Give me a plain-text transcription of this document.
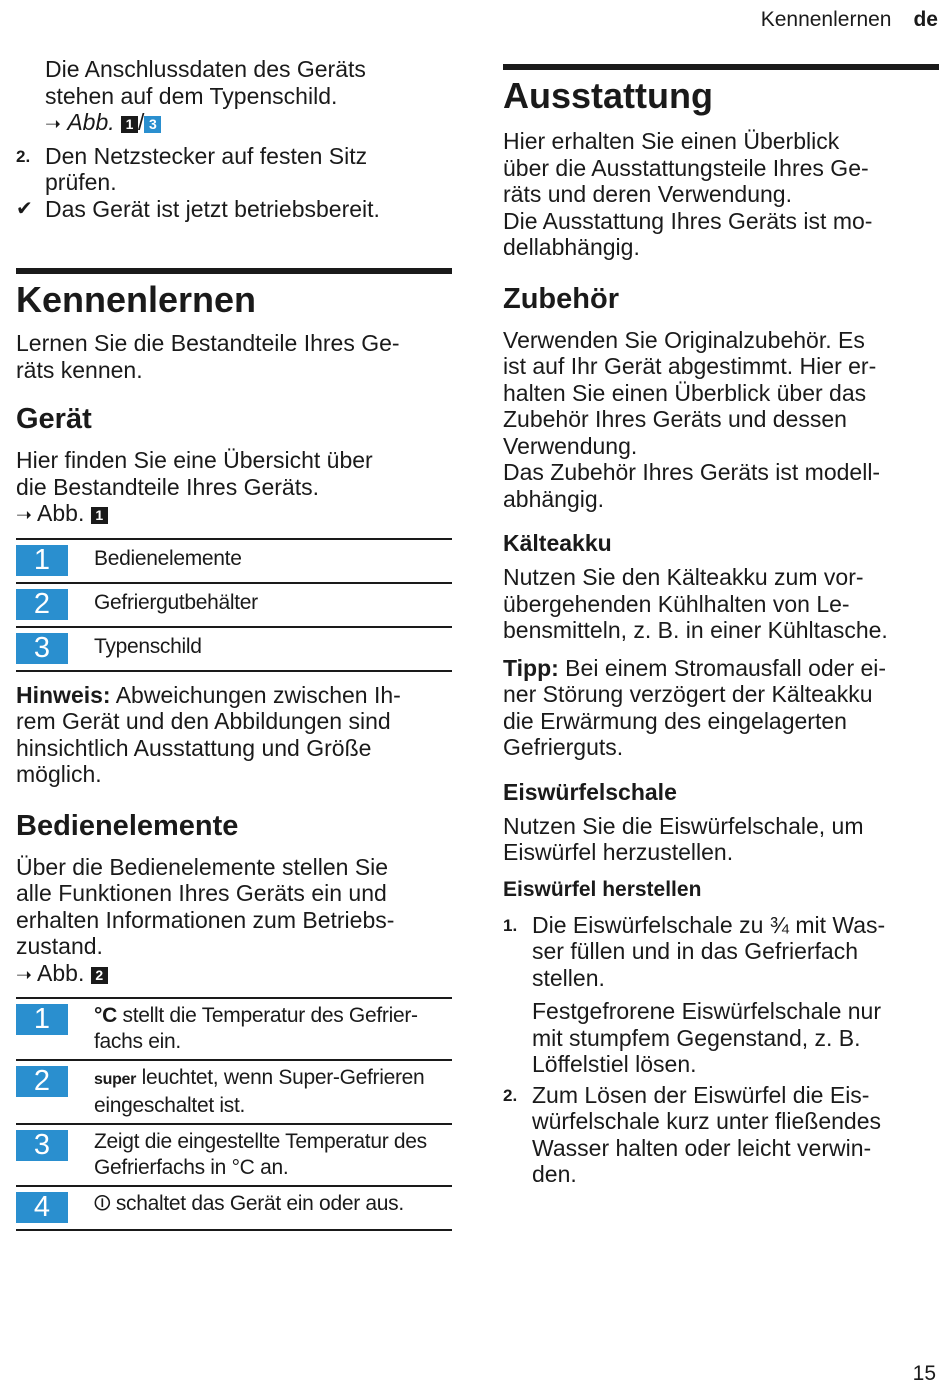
Kennenlernen de

Die Anschlussdaten des Geräts

stehen auf dem Typenschild.

➝ Abb. 1 / 3

2. Den Netzstecker auf festen Sitz

prüfen.

✔ Das Gerät ist jetzt betriebsbereit.

Kennenlernen

Lernen Sie die Bestandteile Ihres Ge-

räts kennen.

Gerät

Hier finden Sie eine Übersicht über

die Bestandteile Ihres Geräts.

➝ Abb. 1

1	Bedienelemente

2	Gefriergutbehälter

3	Typenschild

Hinweis: Abweichungen zwischen Ih-

rem Gerät und den Abbildungen sind

hinsichtlich Ausstattung und Größe

möglich.

Bedienelemente

Über die Bedienelemente stellen Sie

alle Funktionen Ihres Geräts ein und

erhalten Informationen zum Betriebs-

zustand.

➝ Abb. 2

1	°C stellt die Temperatur des Gefrier-
fachs ein.

2	super leuchtet, wenn Super-Gefrieren
eingeschaltet ist.

3	Zeigt die eingestellte Temperatur des
Gefrierfachs in °C an.

4	⏼ schaltet das Gerät ein oder aus.
Ausstattung

Hier erhalten Sie einen Überblick

über die Ausstattungsteile Ihres Ge-

räts und deren Verwendung.

Die Ausstattung Ihres Geräts ist mo-

dellabhängig.

Zubehör

Verwenden Sie Originalzubehör. Es

ist auf Ihr Gerät abgestimmt. Hier er-

halten Sie einen Überblick über das

Zubehör Ihres Geräts und dessen

Verwendung.

Das Zubehör Ihres Geräts ist modell-

abhängig.

Kälteakku

Nutzen Sie den Kälteakku zum vor-

übergehenden Kühlhalten von Le-

bensmitteln, z. B. in einer Kühltasche.

Tipp: Bei einem Stromausfall oder ei-

ner Störung verzögert der Kälteakku

die Erwärmung des eingelagerten

Gefrierguts.

Eiswürfelschale

Nutzen Sie die Eiswürfelschale, um

Eiswürfel herzustellen.

Eiswürfel herstellen
1. Die Eiswürfelschale zu ¾ mit Was-

ser füllen und in das Gefrierfach

stellen.

Festgefrorene Eiswürfelschale nur

mit stumpfem Gegenstand, z. B.

Löffelstiel lösen.

2. Zum Lösen der Eiswürfel die Eis-

würfelschale kurz unter fließendes

Wasser halten oder leicht verwin-

den.

15
